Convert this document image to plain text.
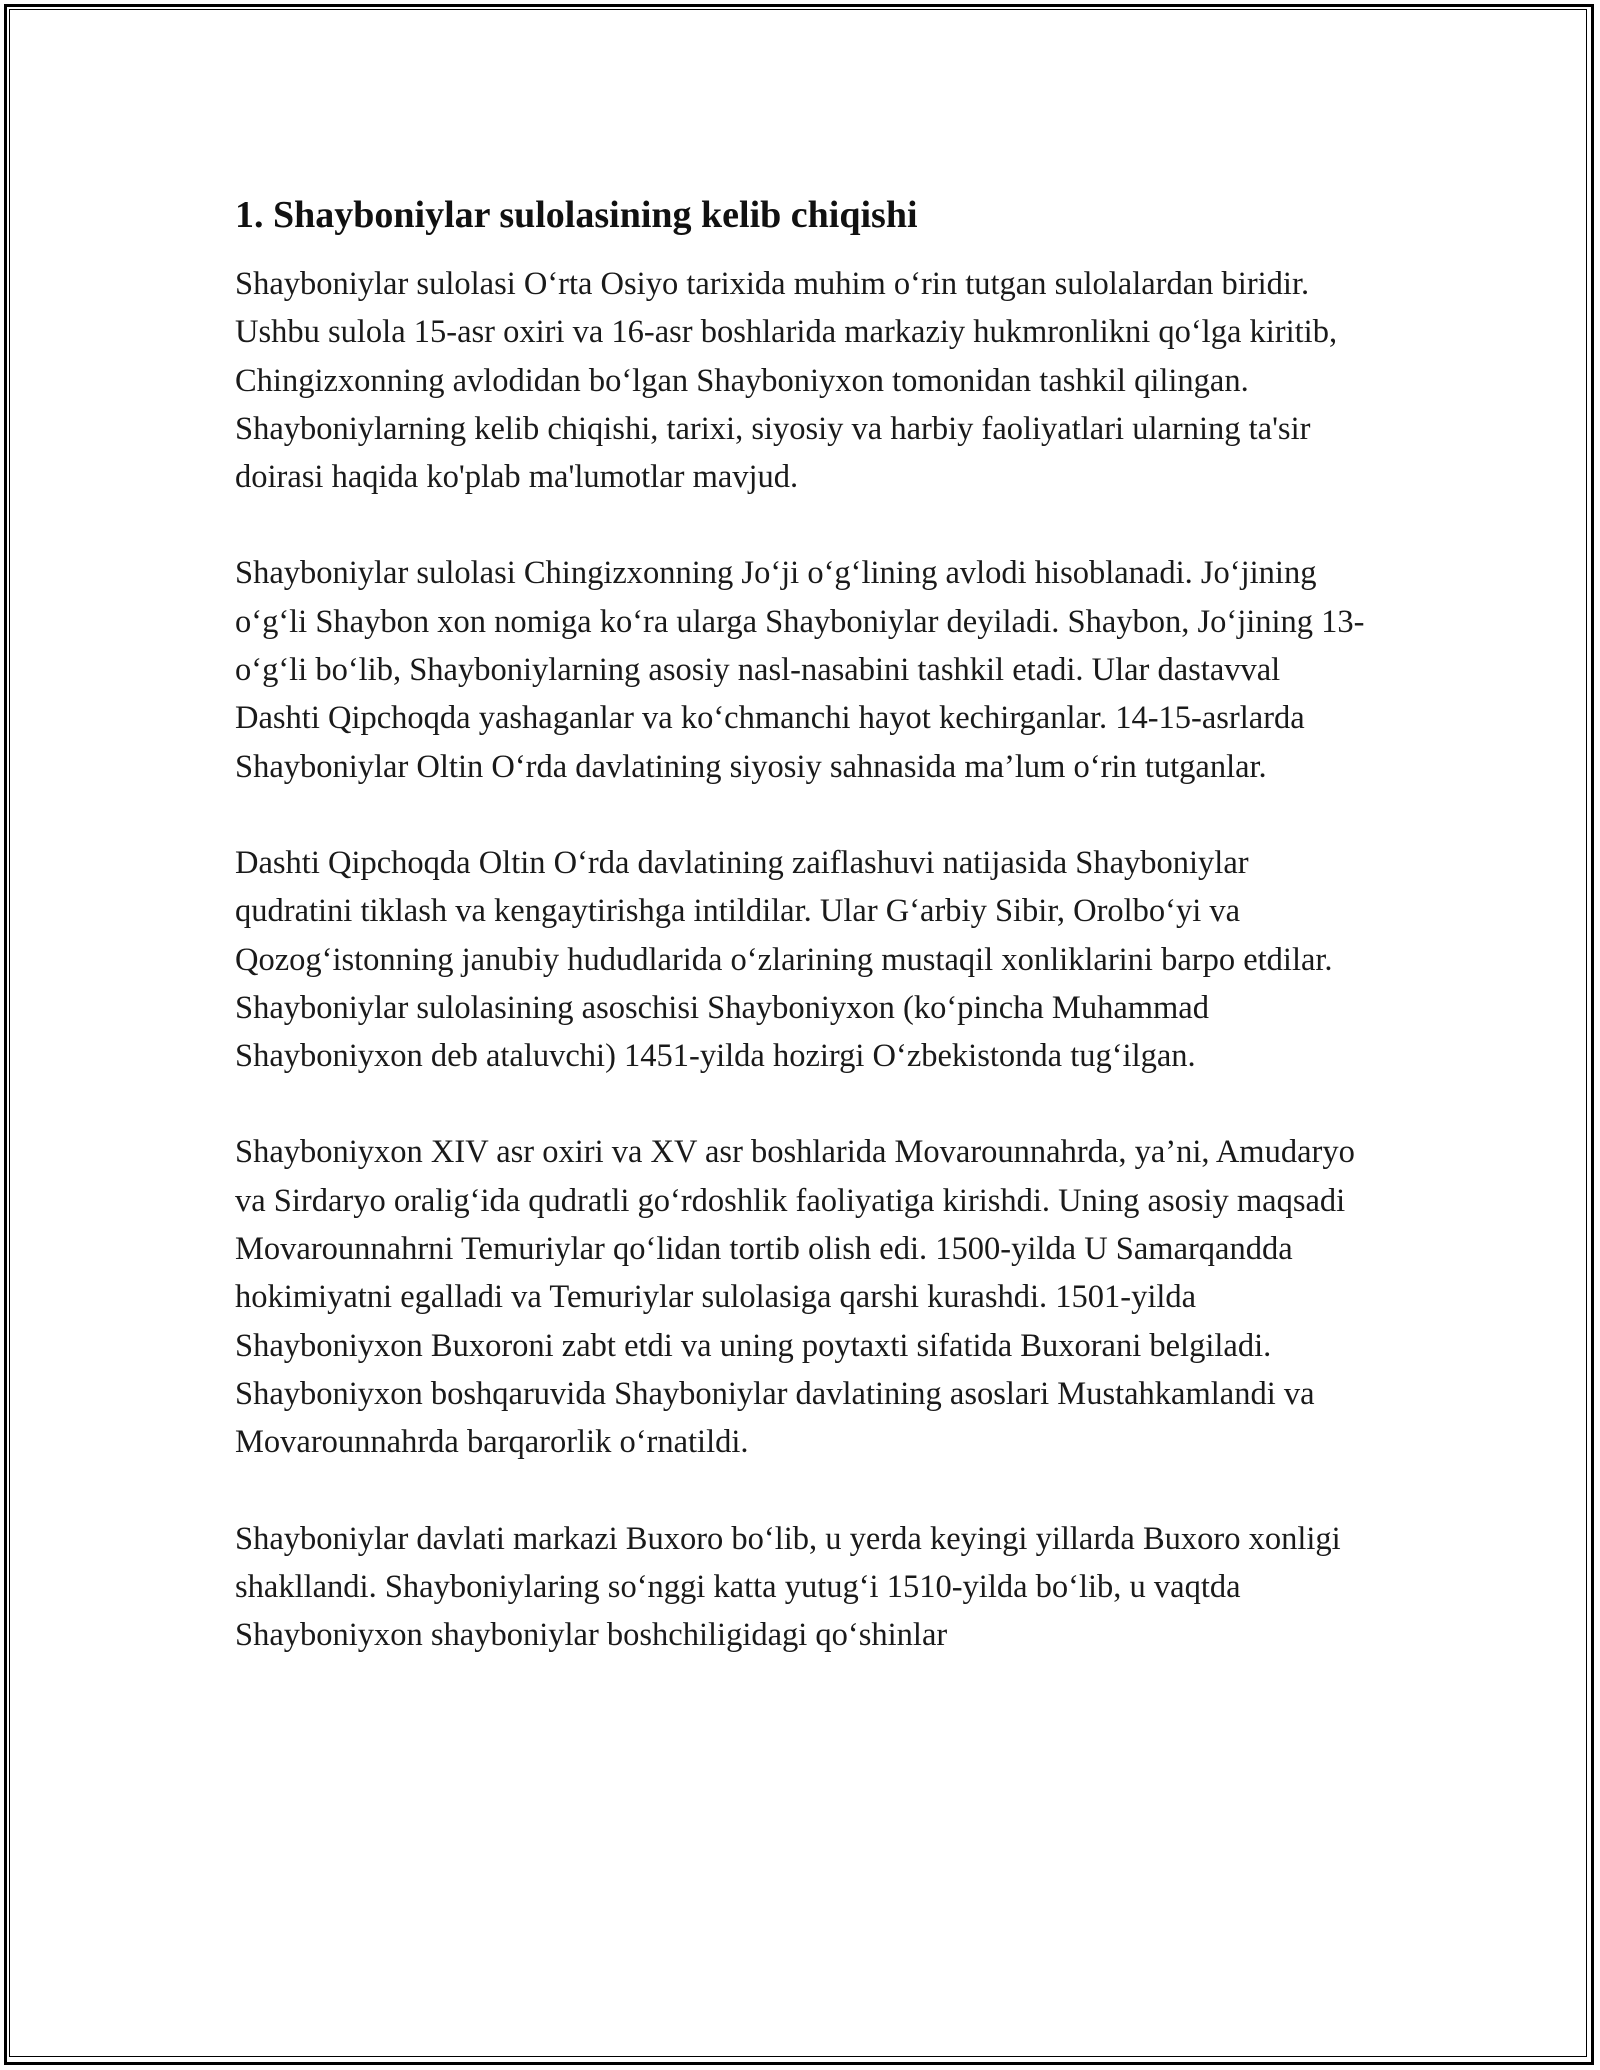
1. Shayboniylar sulolasining kelib chiqishi

Shayboniylar sulolasi O‘rta Osiyo tarixida muhim o‘rin tutgan sulolalardan biridir. Ushbu sulola 15-asr oxiri va 16-asr boshlarida markaziy hukmronlikni qo‘lga kiritib, Chingizxonning avlodidan bo‘lgan Shayboniyxon tomonidan tashkil qilingan. Shayboniylarning kelib chiqishi, tarixi, siyosiy va harbiy faoliyatlari ularning ta'sir doirasi haqida ko'plab ma'lumotlar mavjud.

Shayboniylar sulolasi Chingizxonning Jo‘ji o‘g‘lining avlodi hisoblanadi. Jo‘jining o‘g‘li Shaybon xon nomiga ko‘ra ularga Shayboniylar deyiladi. Shaybon, Jo‘jining 13-o‘g‘li bo‘lib, Shayboniylarning asosiy nasl-nasabini tashkil etadi. Ular dastavval Dashti Qipchoqda yashaganlar va ko‘chmanchi hayot kechirganlar. 14-15-asrlarda Shayboniylar Oltin O‘rda davlatining siyosiy sahnasida ma’lum o‘rin tutganlar.

Dashti Qipchoqda Oltin O‘rda davlatining zaiflashuvi natijasida Shayboniylar qudratini tiklash va kengaytirishga intildilar. Ular G‘arbiy Sibir, Orolbo‘yi va Qozog‘istonning janubiy hududlarida o‘zlarining mustaqil xonliklarini barpo etdilar. Shayboniylar sulolasining asoschisi Shayboniyxon (ko‘pincha Muhammad Shayboniyxon deb ataluvchi) 1451-yilda hozirgi O‘zbekistonda tug‘ilgan.

Shayboniyxon XIV asr oxiri va XV asr boshlarida Movarounnahrda, ya’ni, Amudaryo va Sirdaryo oralig‘ida qudratli go‘rdoshlik faoliyatiga kirishdi. Uning asosiy maqsadi Movarounnahrni Temuriylar qo‘lidan tortib olish edi. 1500-yilda U Samarqandda hokimiyatni egalladi va Temuriylar sulolasiga qarshi kurashdi. 1501-yilda Shayboniyxon Buxoroni zabt etdi va uning poytaxti sifatida Buxorani belgiladi. Shayboniyxon boshqaruvida Shayboniylar davlatining asoslari Mustahkamlandi va Movarounnahrda barqarorlik o‘rnatildi.

Shayboniylar davlati markazi Buxoro bo‘lib, u yerda keyingi yillarda Buxoro xonligi shakllandi. Shayboniylaring so‘nggi katta yutug‘i 1510-yilda bo‘lib, u vaqtda Shayboniyxon shayboniylar boshchiligidagi qo‘shinlar
